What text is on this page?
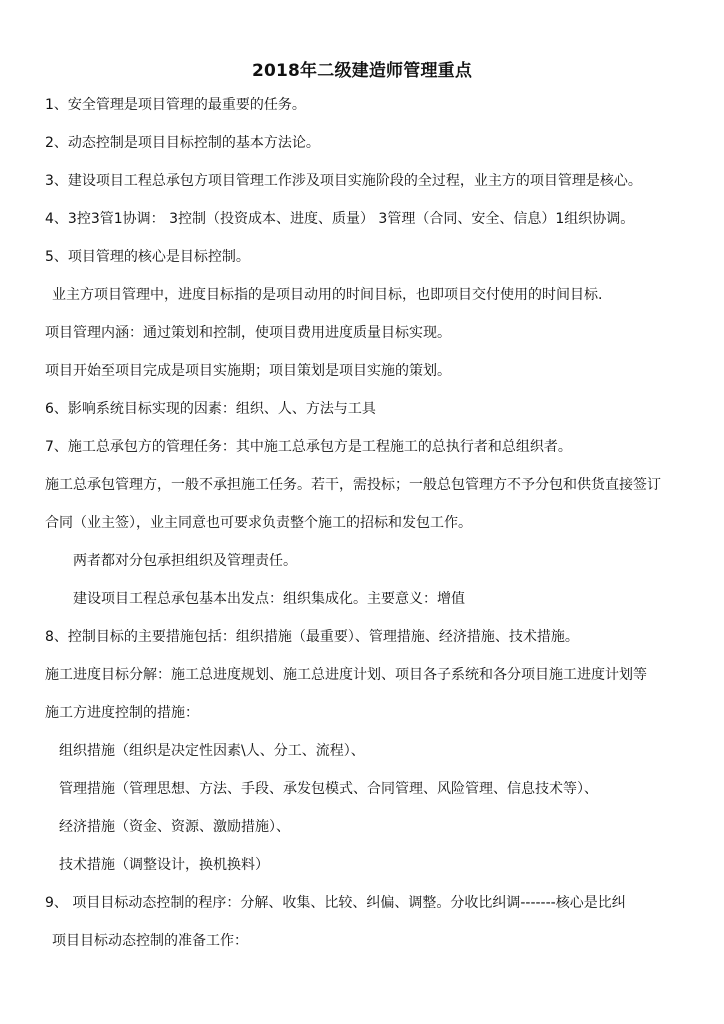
2018年二级建造师管理重点
1、安全管理是项目管理的最重要的任务。
2、动态控制是项目目标控制的基本方法论。
3、建设项目工程总承包方项目管理工作涉及项目实施阶段的全过程，业主方的项目管理是核心。
4、3控3管1协调： 3控制（投资成本、进度、质量） 3管理（合同、安全、信息）1组织协调。
5、项目管理的核心是目标控制。
业主方项目管理中，进度目标指的是项目动用的时间目标，也即项目交付使用的时间目标.
项目管理内涵：通过策划和控制，使项目费用进度质量目标实现。
项目开始至项目完成是项目实施期；项目策划是项目实施的策划。
6、影响系统目标实现的因素：组织、人、方法与工具
7、施工总承包方的管理任务：其中施工总承包方是工程施工的总执行者和总组织者。
施工总承包管理方，一般不承担施工任务。若干，需投标；一般总包管理方不予分包和供货直接签订
合同（业主签），业主同意也可要求负责整个施工的招标和发包工作。
两者都对分包承担组织及管理责任。
建设项目工程总承包基本出发点：组织集成化。主要意义：增值
8、控制目标的主要措施包括：组织措施（最重要）、管理措施、经济措施、技术措施。
施工进度目标分解：施工总进度规划、施工总进度计划、项目各子系统和各分项目施工进度计划等
施工方进度控制的措施：
组织措施（组织是决定性因素\人、分工、流程）、
管理措施（管理思想、方法、手段、承发包模式、合同管理、风险管理、信息技术等）、
经济措施（资金、资源、激励措施）、
技术措施（调整设计，换机换料）
9、 项目目标动态控制的程序：分解、收集、比较、纠偏、调整。分收比纠调-------核心是比纠
项目目标动态控制的准备工作：
